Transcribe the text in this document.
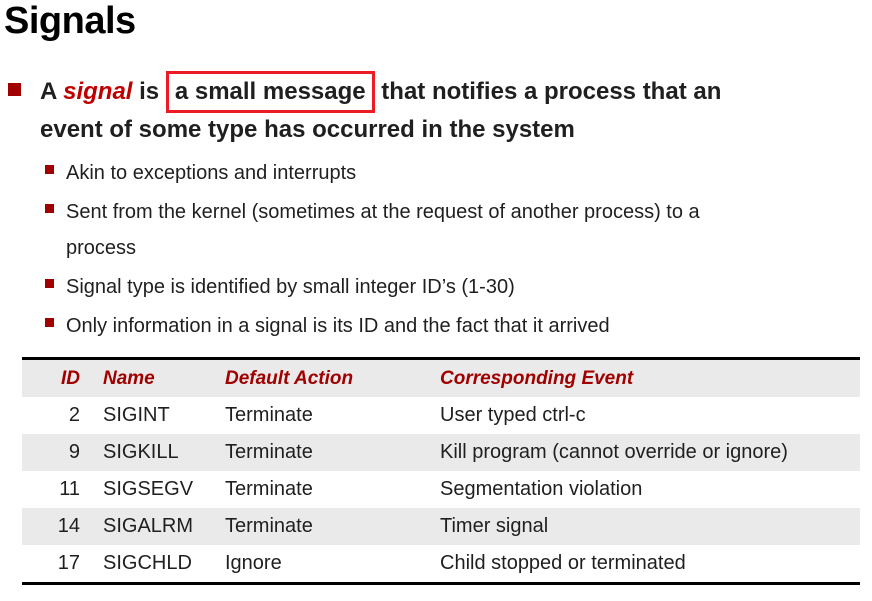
Signals
A signal is a small message that notifies a process that an
event of some type has occurred in the system
Akin to exceptions and interrupts
Sent from the kernel (sometimes at the request of another process) to a
process
Signal type is identified by small integer ID’s (1-30)
Only information in a signal is its ID and the fact that it arrived
ID	Name	Default Action	Corresponding Event
2	SIGINT	Terminate	User typed ctrl-c
9	SIGKILL	Terminate	Kill program (cannot override or ignore)
11	SIGSEGV	Terminate	Segmentation violation
14	SIGALRM	Terminate	Timer signal
17	SIGCHLD	Ignore	Child stopped or terminated
